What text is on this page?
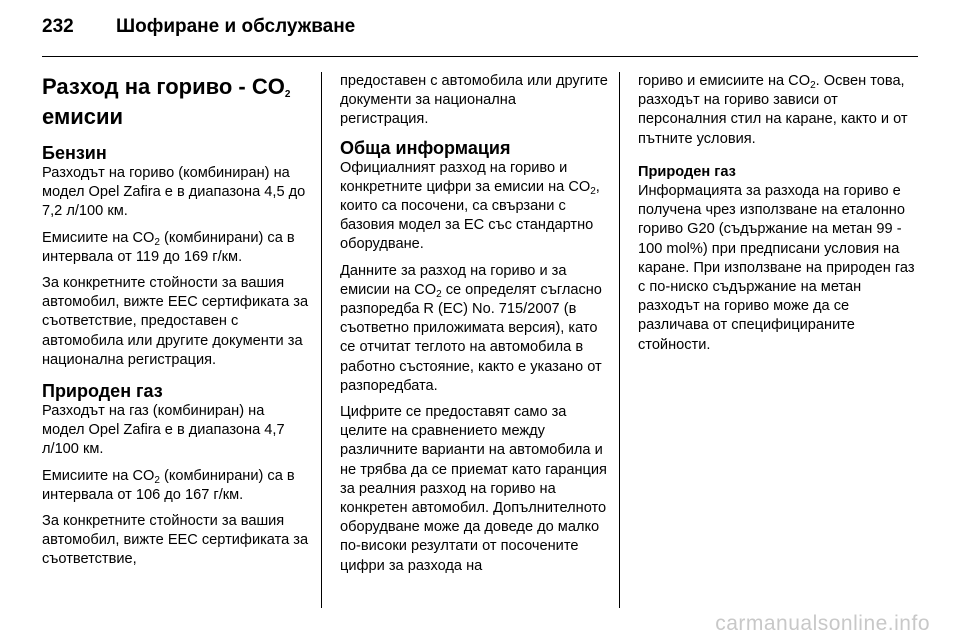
232 Шофиране и обслужване
Разход на гориво - $CO_2$
емисии
Бензин

Разходът на гориво (комбиниран) на модел Opel Zafira е в диапазона 4,5 до 7,2 л/100 км.

Емисиите на $CO_2$ (комбинирани) са в интервала от 119 до 169 г/км.

За конкретните стойности за вашия автомобил, вижте ЕЕС сертификата за съответствие, предоставен с автомобила или другите документи за национална регистрация.

Природен газ

Разходът на газ (комбиниран) на модел Opel Zafira е в диапазона 4,7 л/100 км.

Емисиите на $CO_2$ (комбинирани) са в интервала от 106 до 167 г/км.

За конкретните стойности за вашия автомобил, вижте ЕЕС сертификата за съответствие,

предоставен с автомобила или другите документи за национална регистрация.

Обща информация

Официалният разход на гориво и конкретните цифри за емисии на $CO_2$, които са посочени, са свързани с базовия модел за ЕС със стандартно оборудване.

Данните за разход на гориво и за емисии на $CO_2$ се определят съгласно разпоредба R (EC) No. 715/2007 (в съответно приложимата версия), като се отчитат теглото на автомобила в работно състояние, както е указано от разпоредбата.

Цифрите се предоставят само за целите на сравнението между различните варианти на автомобила и не трябва да се приемат като гаранция за реалния разход на гориво на конкретен автомобил. Допълнителното оборудване може да доведе до малко по-високи резултати от посочените цифри за разхода на

гориво и емисиите на $CO_2$. Освен това, разходът на гориво зависи от персоналния стил на каране, както и от пътните условия.

Природен газ

Информацията за разхода на гориво е получена чрез използване на еталонно гориво G20 (съдържание на метан 99 - 100 mol%) при предписани условия на каране. При използване на природен газ с по-ниско съдържание на метан разходът на гориво може да се различава от специфицираните стойности.

carmanualsonline.info
